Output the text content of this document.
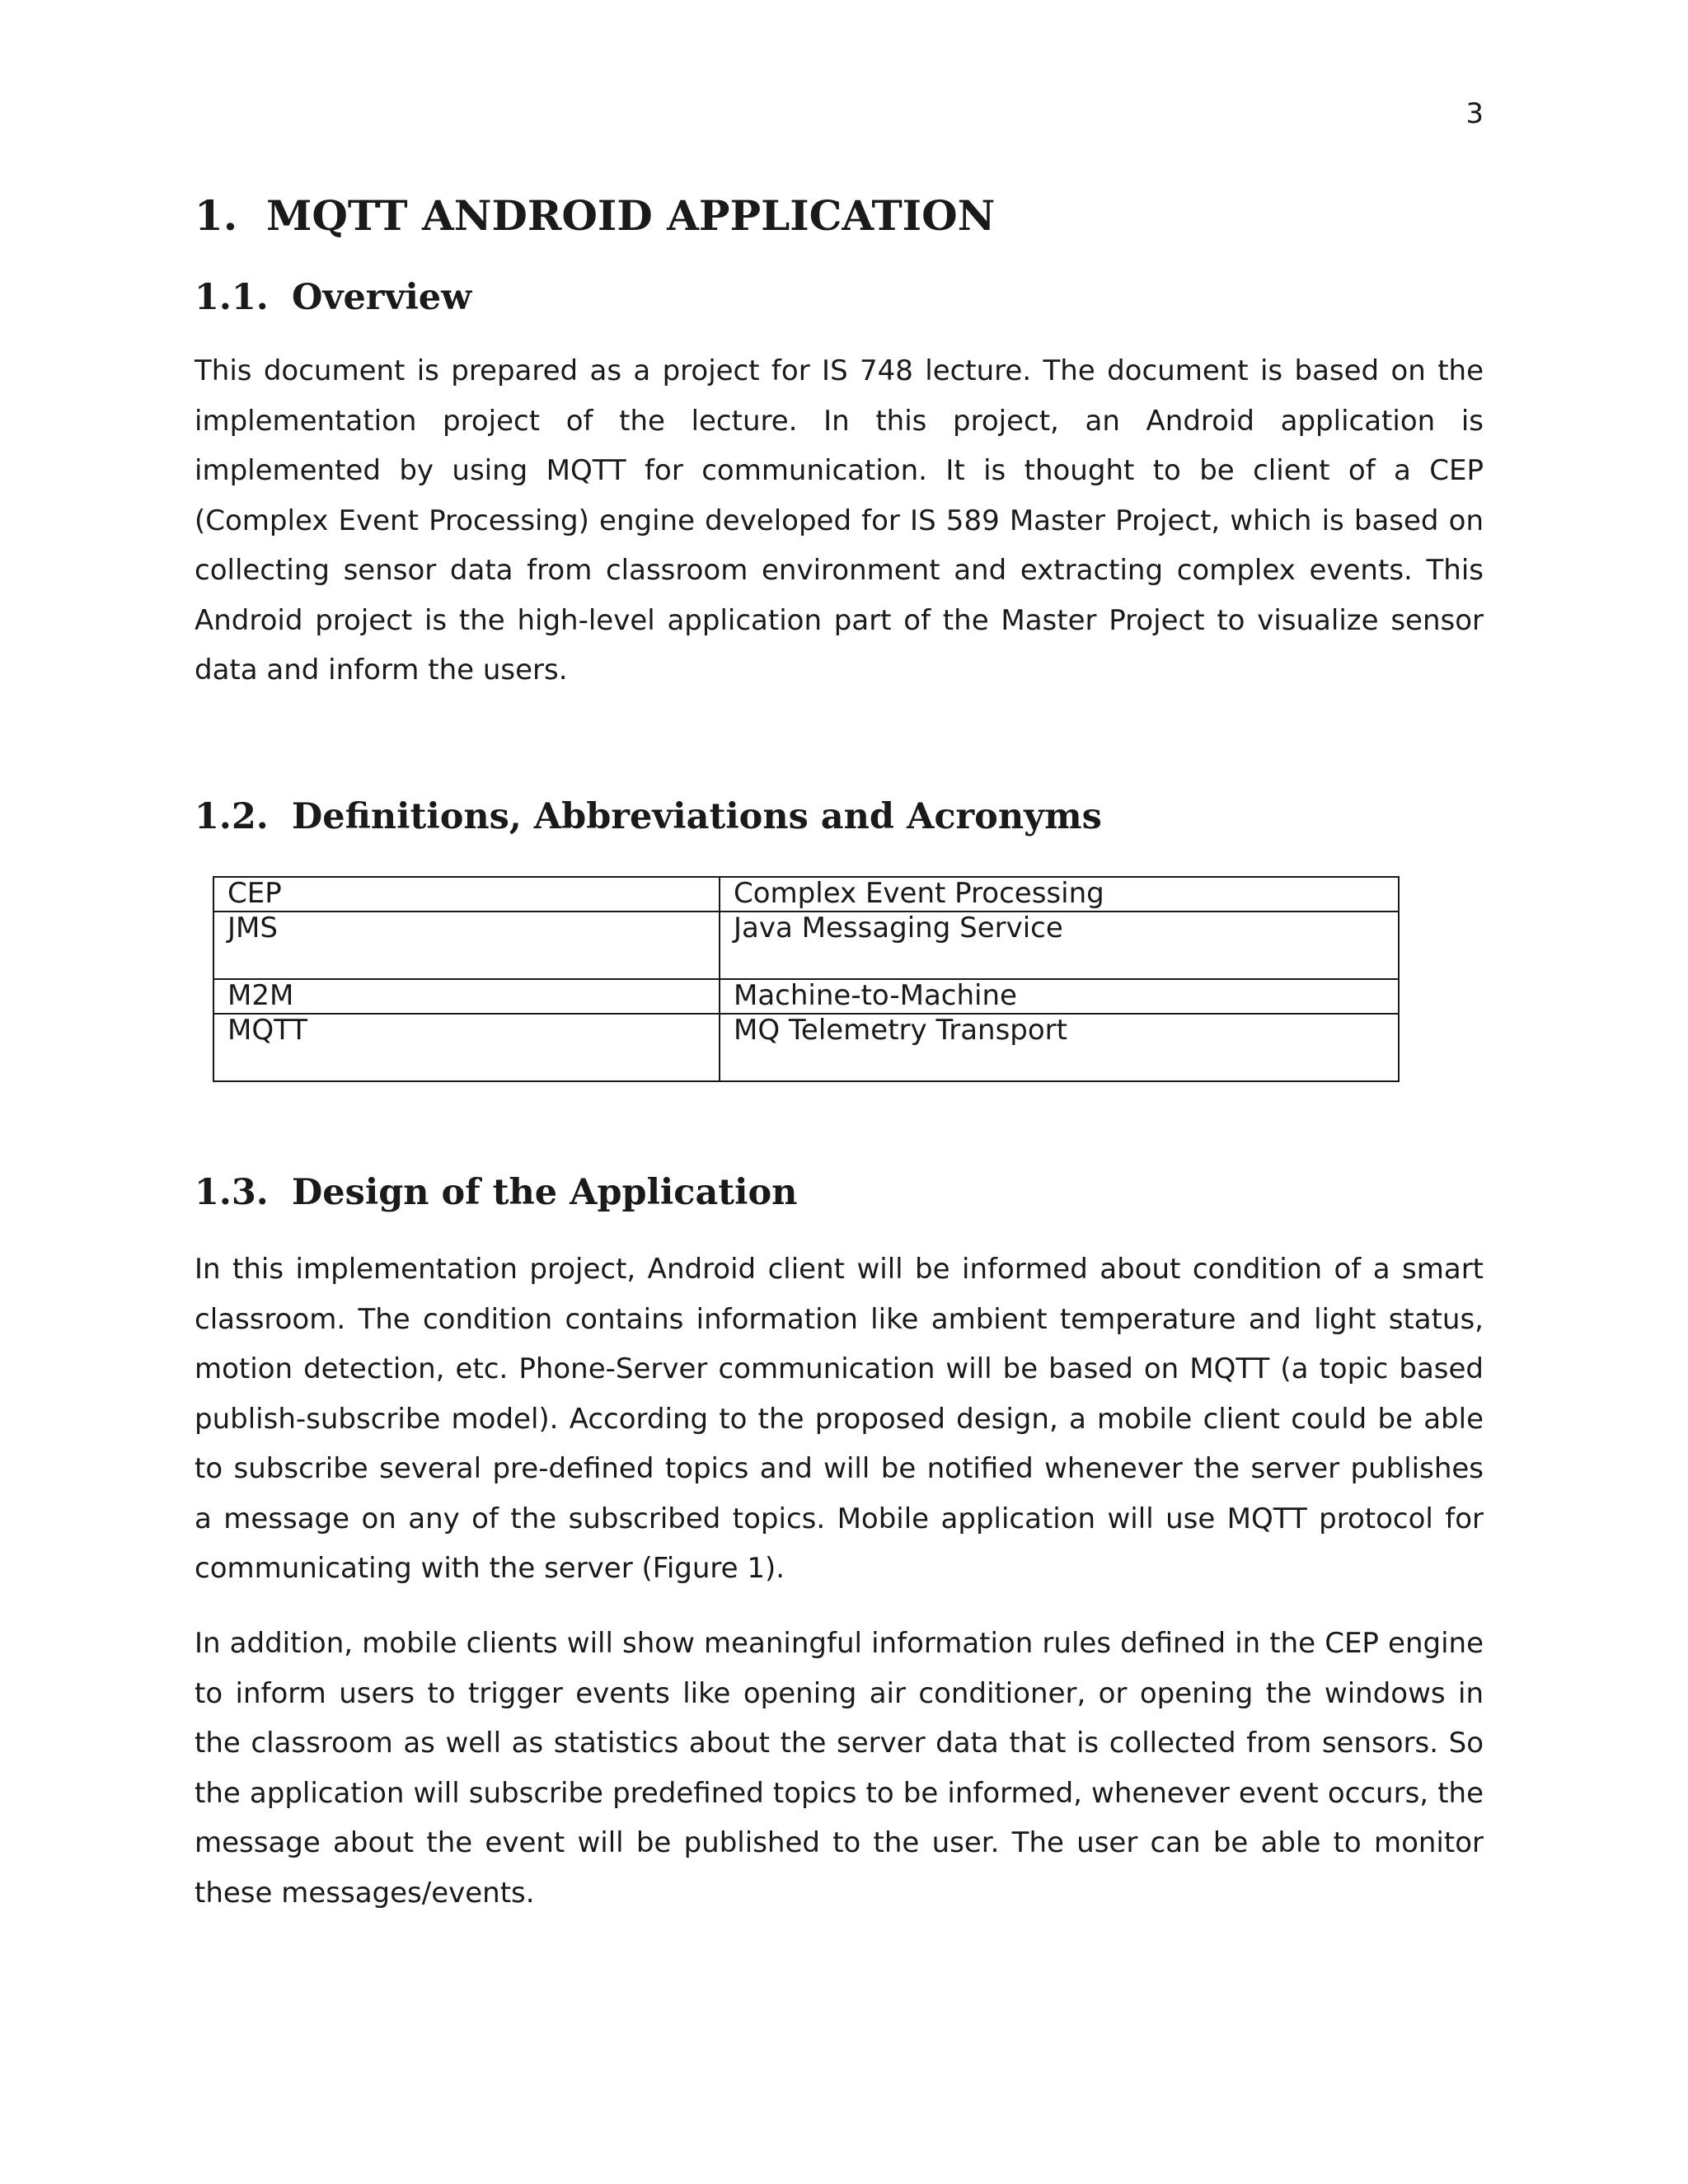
3
1. MQTT ANDROID APPLICATION
1.1. Overview

This document is prepared as a project for IS 748 lecture. The document is based on the implementation project of the lecture. In this project, an Android application is implemented by using MQTT for communication. It is thought to be client of a CEP (Complex Event Processing) engine developed for IS 589 Master Project, which is based on collecting sensor data from classroom environment and extracting complex events. This Android project is the high-level application part of the Master Project to visualize sensor data and inform the users.

1.2. Definitions, Abbreviations and Acronyms
CEP	Complex Event Processing
JMS	Java Messaging Service
M2M	Machine-to-Machine
MQTT	MQ Telemetry Transport
1.3. Design of the Application

In this implementation project, Android client will be informed about condition of a smart classroom. The condition contains information like ambient temperature and light status, motion detection, etc. Phone-Server communication will be based on MQTT (a topic based publish-subscribe model). According to the proposed design, a mobile client could be able to subscribe several pre-defined topics and will be notified whenever the server publishes a message on any of the subscribed topics. Mobile application will use MQTT protocol for communicating with the server (Figure 1).

In addition, mobile clients will show meaningful information rules defined in the CEP engine to inform users to trigger events like opening air conditioner, or opening the windows in the classroom as well as statistics about the server data that is collected from sensors. So the application will subscribe predefined topics to be informed, whenever event occurs, the message about the event will be published to the user. The user can be able to monitor these messages/events.
